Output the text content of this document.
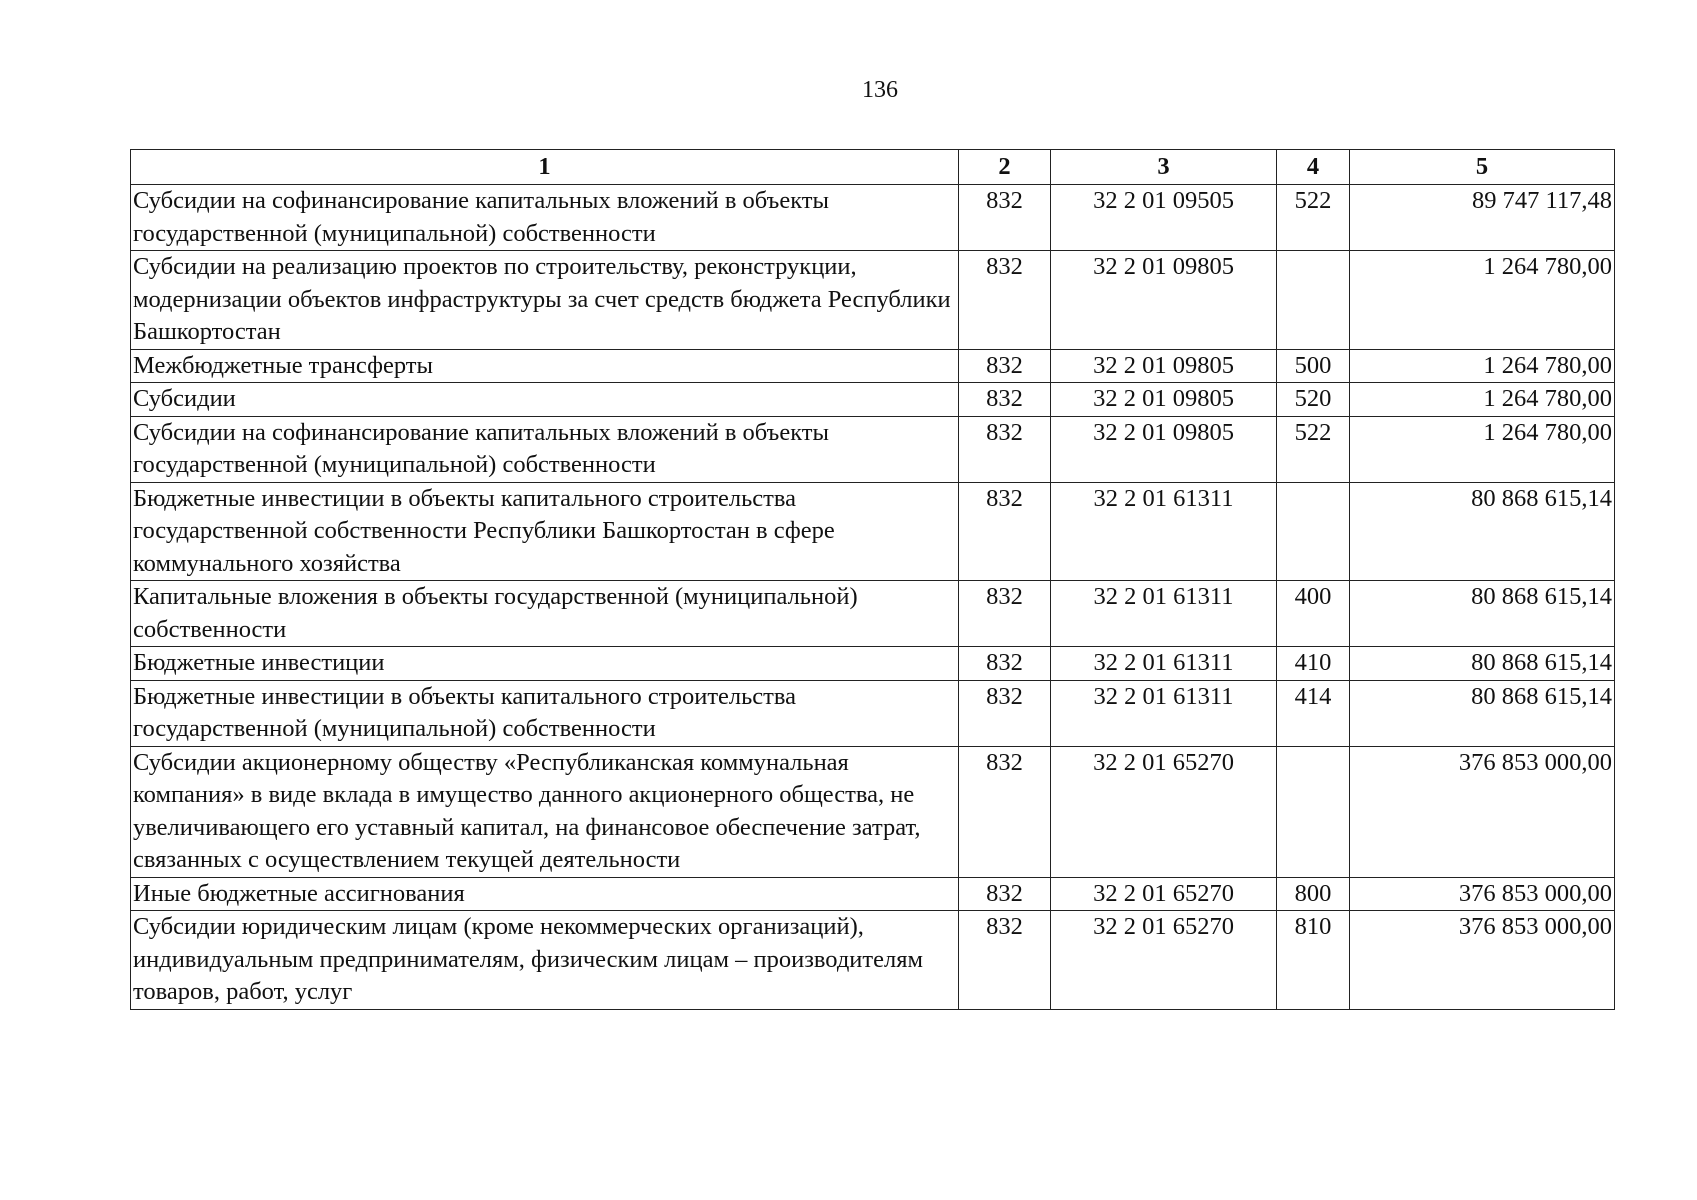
136
1	2	3	4	5
Субсидии на софинансирование капитальных вложений в объекты государственной (муниципальной) собственности	832	32 2 01 09505	522	89 747 117,48
Субсидии на реализацию проектов по строительству, реконструкции, модернизации объектов инфраструктуры за счет средств бюджета Республики Башкортостан	832	32 2 01 09805		1 264 780,00
Межбюджетные трансферты	832	32 2 01 09805	500	1 264 780,00
Субсидии	832	32 2 01 09805	520	1 264 780,00
Субсидии на софинансирование капитальных вложений в объекты государственной (муниципальной) собственности	832	32 2 01 09805	522	1 264 780,00
Бюджетные инвестиции в объекты капитального строительства государственной собственности Республики Башкортостан в сфере коммунального хозяйства	832	32 2 01 61311		80 868 615,14
Капитальные вложения в объекты государственной (муниципальной) собственности	832	32 2 01 61311	400	80 868 615,14
Бюджетные инвестиции	832	32 2 01 61311	410	80 868 615,14
Бюджетные инвестиции в объекты капитального строительства государственной (муниципальной) собственности	832	32 2 01 61311	414	80 868 615,14
Субсидии акционерному обществу «Республиканская коммунальная компания» в виде вклада в имущество данного акционерного общества, не увеличивающего его уставный капитал, на финансовое обеспечение затрат, связанных с осуществлением текущей деятельности	832	32 2 01 65270		376 853 000,00
Иные бюджетные ассигнования	832	32 2 01 65270	800	376 853 000,00
Субсидии юридическим лицам (кроме некоммерческих организаций), индивидуальным предпринимателям, физическим лицам – производителям товаров, работ, услуг	832	32 2 01 65270	810	376 853 000,00
